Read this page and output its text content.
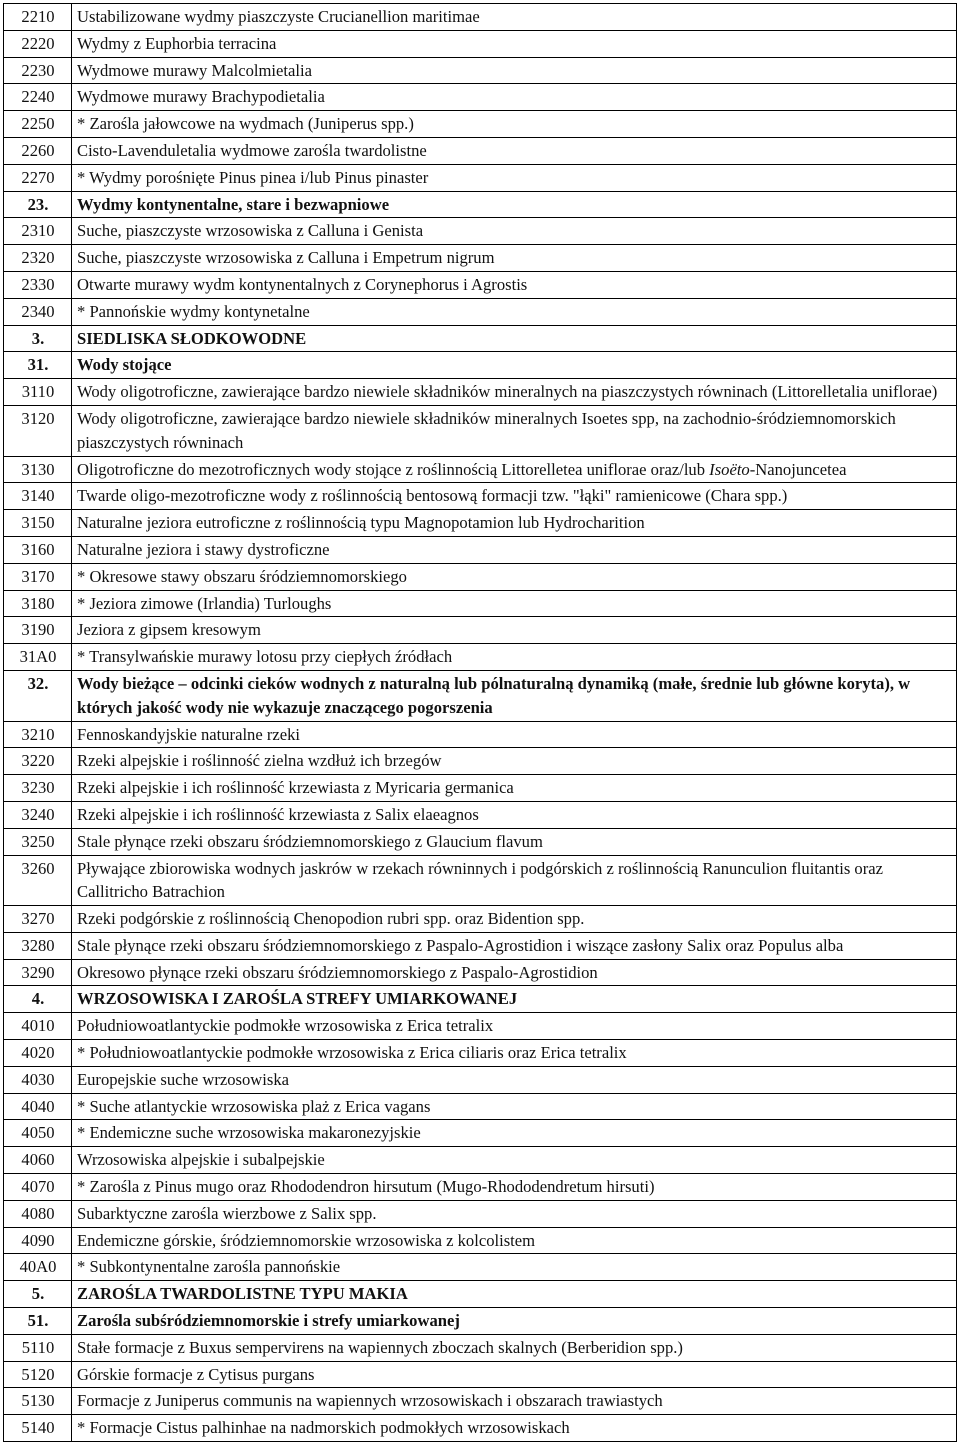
2210	Ustabilizowane wydmy piaszczyste Crucianellion maritimae
2220	Wydmy z Euphorbia terracina
2230	Wydmowe murawy Malcolmietalia
2240	Wydmowe murawy Brachypodietalia
2250	* Zarośla jałowcowe na wydmach (Juniperus spp.)
2260	Cisto-Lavenduletalia wydmowe zarośla twardolistne
2270	* Wydmy porośnięte Pinus pinea i/lub Pinus pinaster
23.	Wydmy kontynentalne, stare i bezwapniowe
2310	Suche, piaszczyste wrzosowiska z Calluna i Genista
2320	Suche, piaszczyste wrzosowiska z Calluna i Empetrum nigrum
2330	Otwarte murawy wydm kontynentalnych z Corynephorus i Agrostis
2340	* Pannońskie wydmy kontynetalne
3.	SIEDLISKA SŁODKOWODNE
31.	Wody stojące
3110	Wody oligotroficzne, zawierające bardzo niewiele składników mineralnych na piaszczystych równinach (Littorelletalia uniflorae)
3120	Wody oligotroficzne, zawierające bardzo niewiele składników mineralnych Isoetes spp, na zachodnio-śródziemnomorskich piaszczystych równinach
3130	Oligotroficzne do mezotroficznych wody stojące z roślinnością Littorelletea uniflorae oraz/lub Isoëto-Nanojuncetea
3140	Twarde oligo-mezotroficzne wody z roślinnością bentosową formacji tzw. "łąki" ramienicowe (Chara spp.)
3150	Naturalne jeziora eutroficzne z roślinnością typu Magnopotamion lub Hydrocharition
3160	Naturalne jeziora i stawy dystroficzne
3170	* Okresowe stawy obszaru śródziemnomorskiego
3180	* Jeziora zimowe (Irlandia) Turloughs
3190	Jeziora z gipsem kresowym
31A0	* Transylwańskie murawy lotosu przy ciepłych źródłach
32.	Wody bieżące – odcinki cieków wodnych z naturalną lub pólnaturalną dynamiką (małe, średnie lub główne koryta), w których jakość wody nie wykazuje znaczącego pogorszenia
3210	Fennoskandyjskie naturalne rzeki
3220	Rzeki alpejskie i roślinność zielna wzdłuż ich brzegów
3230	Rzeki alpejskie i ich roślinność krzewiasta z Myricaria germanica
3240	Rzeki alpejskie i ich roślinność krzewiasta z Salix elaeagnos
3250	Stale płynące rzeki obszaru śródziemnomorskiego z Glaucium flavum
3260	Pływające zbiorowiska wodnych jaskrów w rzekach równinnych i podgórskich z roślinnością Ranunculion fluitantis oraz Callitricho Batrachion
3270	Rzeki podgórskie z roślinnością Chenopodion rubri spp. oraz Bidention spp.
3280	Stale płynące rzeki obszaru śródziemnomorskiego z Paspalo-Agrostidion i wiszące zasłony Salix oraz Populus alba
3290	Okresowo płynące rzeki obszaru śródziemnomorskiego z Paspalo-Agrostidion
4.	WRZOSOWISKA I ZAROŚLA STREFY UMIARKOWANEJ
4010	Południowoatlantyckie podmokłe wrzosowiska z Erica tetralix
4020	* Południowoatlantyckie podmokłe wrzosowiska z Erica ciliaris oraz Erica tetralix
4030	Europejskie suche wrzosowiska
4040	* Suche atlantyckie wrzosowiska plaż z Erica vagans
4050	* Endemiczne suche wrzosowiska makaronezyjskie
4060	Wrzosowiska alpejskie i subalpejskie
4070	* Zarośla z Pinus mugo oraz Rhododendron hirsutum (Mugo-Rhododendretum hirsuti)
4080	Subarktyczne zarośla wierzbowe z Salix spp.
4090	Endemiczne górskie, śródziemnomorskie wrzosowiska z kolcolistem
40A0	* Subkontynentalne zarośla pannońskie
5.	ZAROŚLA TWARDOLISTNE TYPU MAKIA
51.	Zarośla subśródziemnomorskie i strefy umiarkowanej
5110	Stałe formacje z Buxus sempervirens na wapiennych zboczach skalnych (Berberidion spp.)
5120	Górskie formacje z Cytisus purgans
5130	Formacje z Juniperus communis na wapiennych wrzosowiskach i obszarach trawiastych
5140	* Formacje Cistus palhinhae na nadmorskich podmokłych wrzosowiskach
